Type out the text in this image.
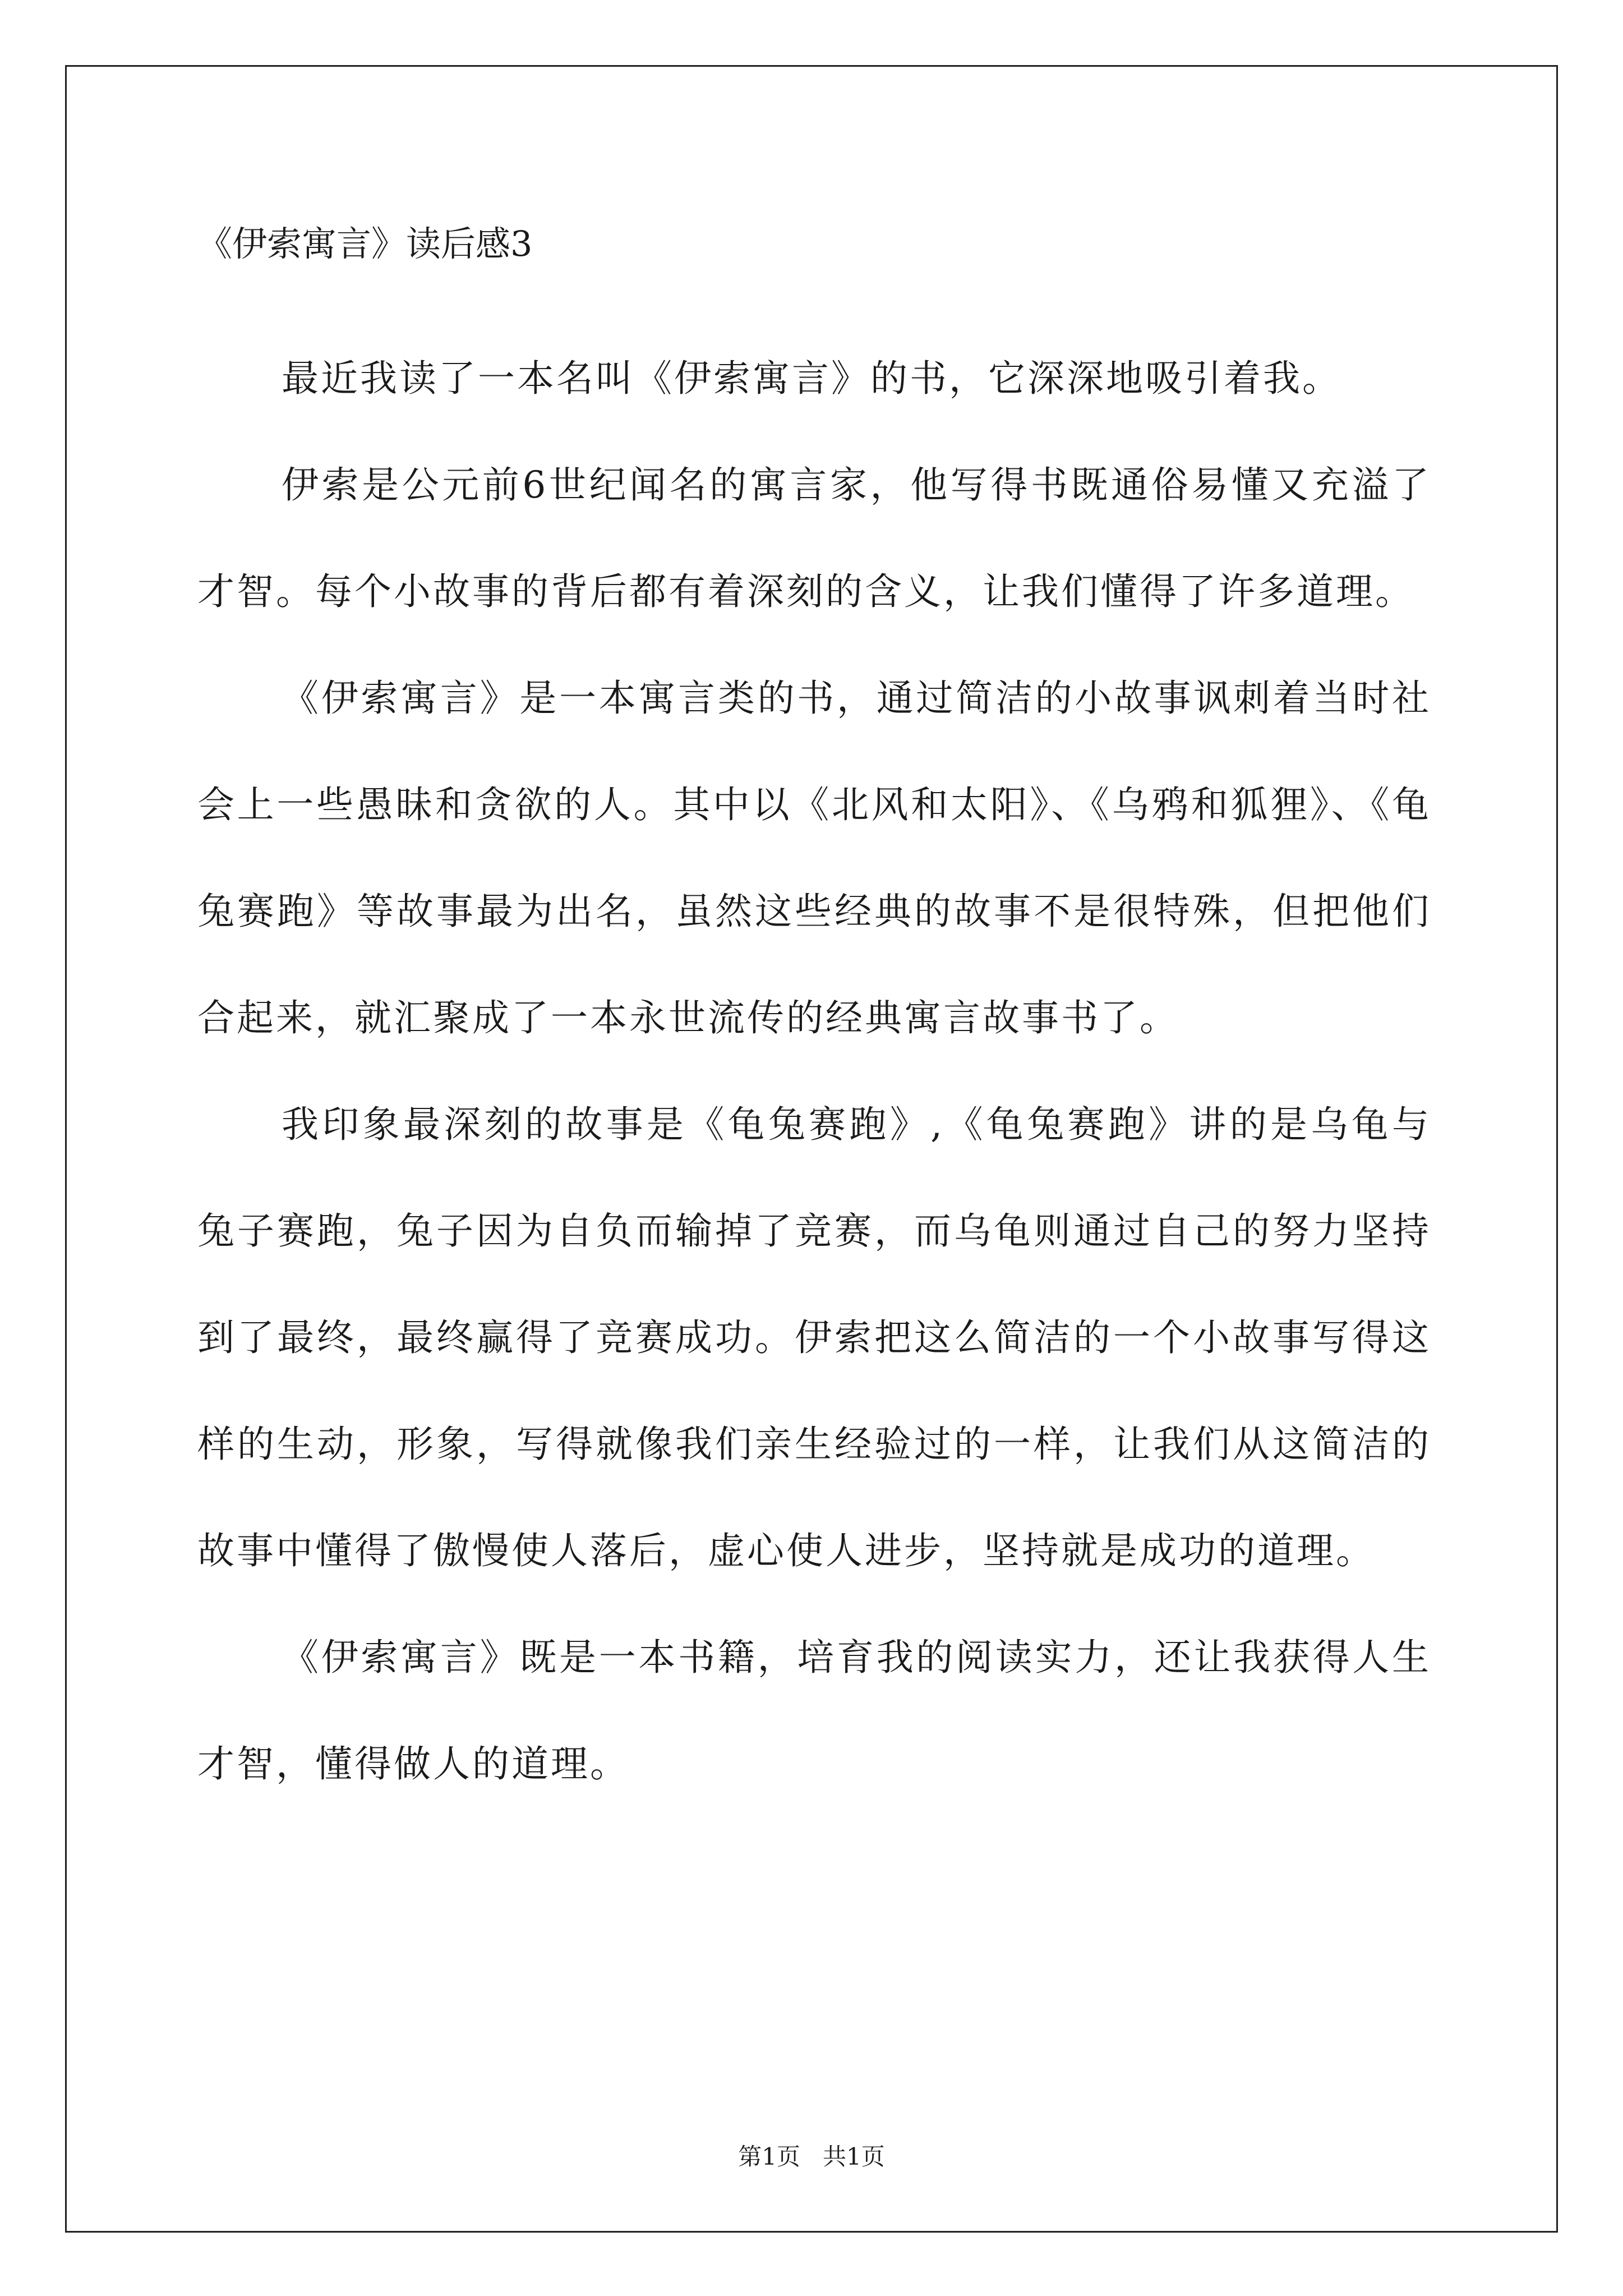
《伊索寓言》读后感3

最近我读了一本名叫《伊索寓言》的书，它深深地吸引着我。

伊索是公元前6世纪闻名的寓言家，他写得书既通俗易懂又充溢了才智。每个小故事的背后都有着深刻的含义，让我们懂得了许多道理。

《伊索寓言》是一本寓言类的书，通过简洁的小故事讽刺着当时社会上一些愚昧和贪欲的人。其中以《北风和太阳》、《乌鸦和狐狸》、《龟兔赛跑》等故事最为出名，虽然这些经典的故事不是很特殊，但把他们合起来，就汇聚成了一本永世流传的经典寓言故事书了。

我印象最深刻的故事是《龟兔赛跑》,《龟兔赛跑》讲的是乌龟与兔子赛跑，兔子因为自负而输掉了竞赛，而乌龟则通过自己的努力坚持到了最终，最终赢得了竞赛成功。伊索把这么简洁的一个小故事写得这样的生动，形象，写得就像我们亲生经验过的一样，让我们从这简洁的故事中懂得了傲慢使人落后，虚心使人进步，坚持就是成功的道理。

《伊索寓言》既是一本书籍，培育我的阅读实力，还让我获得人生才智，懂得做人的道理。

第1页   共1页
